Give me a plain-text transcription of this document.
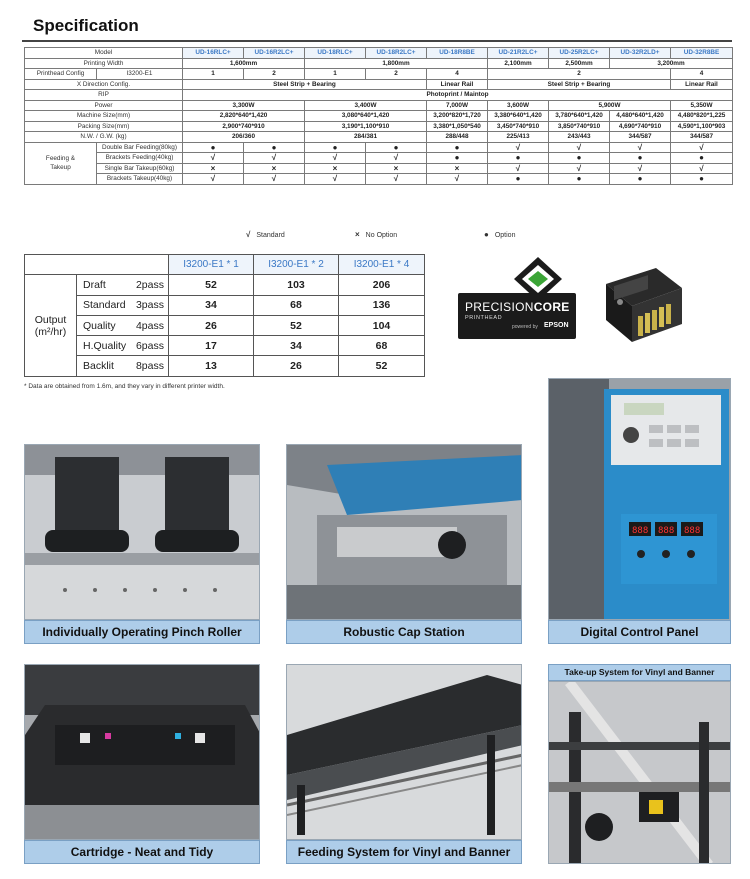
Specification
Model		UD-16RLC+	UD-16R2LC+	UD-18RLC+	UD-18R2LC+	UD-18R8BE	UD-21R2LC+	UD-25R2LC+	UD-32R2LD+	UD-32R8BE
Printing Width		1,600mm		1,800mm			2,100mm	2,500mm	3,200mm	
Printhead Config	I3200-E1	1	2	1	2	4	2			4
X Direction Config.		Steel Strip + Bearing				Linear Rail	Steel Strip + Bearing			Linear Rail
RIP		Photoprint / Maintop								
Power		3,300W		3,400W		7,000W	3,600W	5,900W		5,350W
Machine Size(mm)		2,820*640*1,420		3,080*640*1,420		3,200*820*1,720	3,380*640*1,420	3,780*640*1,420	4,480*640*1,420	4,480*820*1,225
Packing Size(mm)		2,900*740*910		3,190*1,100*910		3,380*1,050*540	3,450*740*910	3,850*740*910	4,690*740*910	4,590*1,100*903
N.W. / G.W. (kg)		206/360		284/381		288/448	225/413	243/443	344/587	344/587
Feeding &
Takeup	Double Bar Feeding(80kg)	●	●	●	●	●	√	√	√	√
	Brackets Feeding(40kg)	√	√	√	√	●	●	●	●	●
	Single Bar Takeup(60kg)	×	×	×	×	×	√	√	√	√
	Brackets Takeup(40kg)	√	√	√	√	√	●	●	●	●
√ Standard	× No Option	● Option
		I3200-E1 * 1	I3200-E1 * 2	I3200-E1 * 4
Output
(m²/hr)	Draft 2pass	52	103	206
	Standard 3pass	34	68	136
	Quality 4pass	26	52	104
	H.Quality 6pass	17	34	68
	Backlit 8pass	13	26	52
* Data are obtained from 1.6m, and they vary in different printer width.
PRECISIONCORE
PRINTHEAD
powered by EPSON
Individually Operating Pinch Roller	Robustic Cap Station
888 888 888
Digital Control Panel
Cartridge - Neat and Tidy	Feeding System for Vinyl and Banner
Take-up System for Vinyl and Banner
